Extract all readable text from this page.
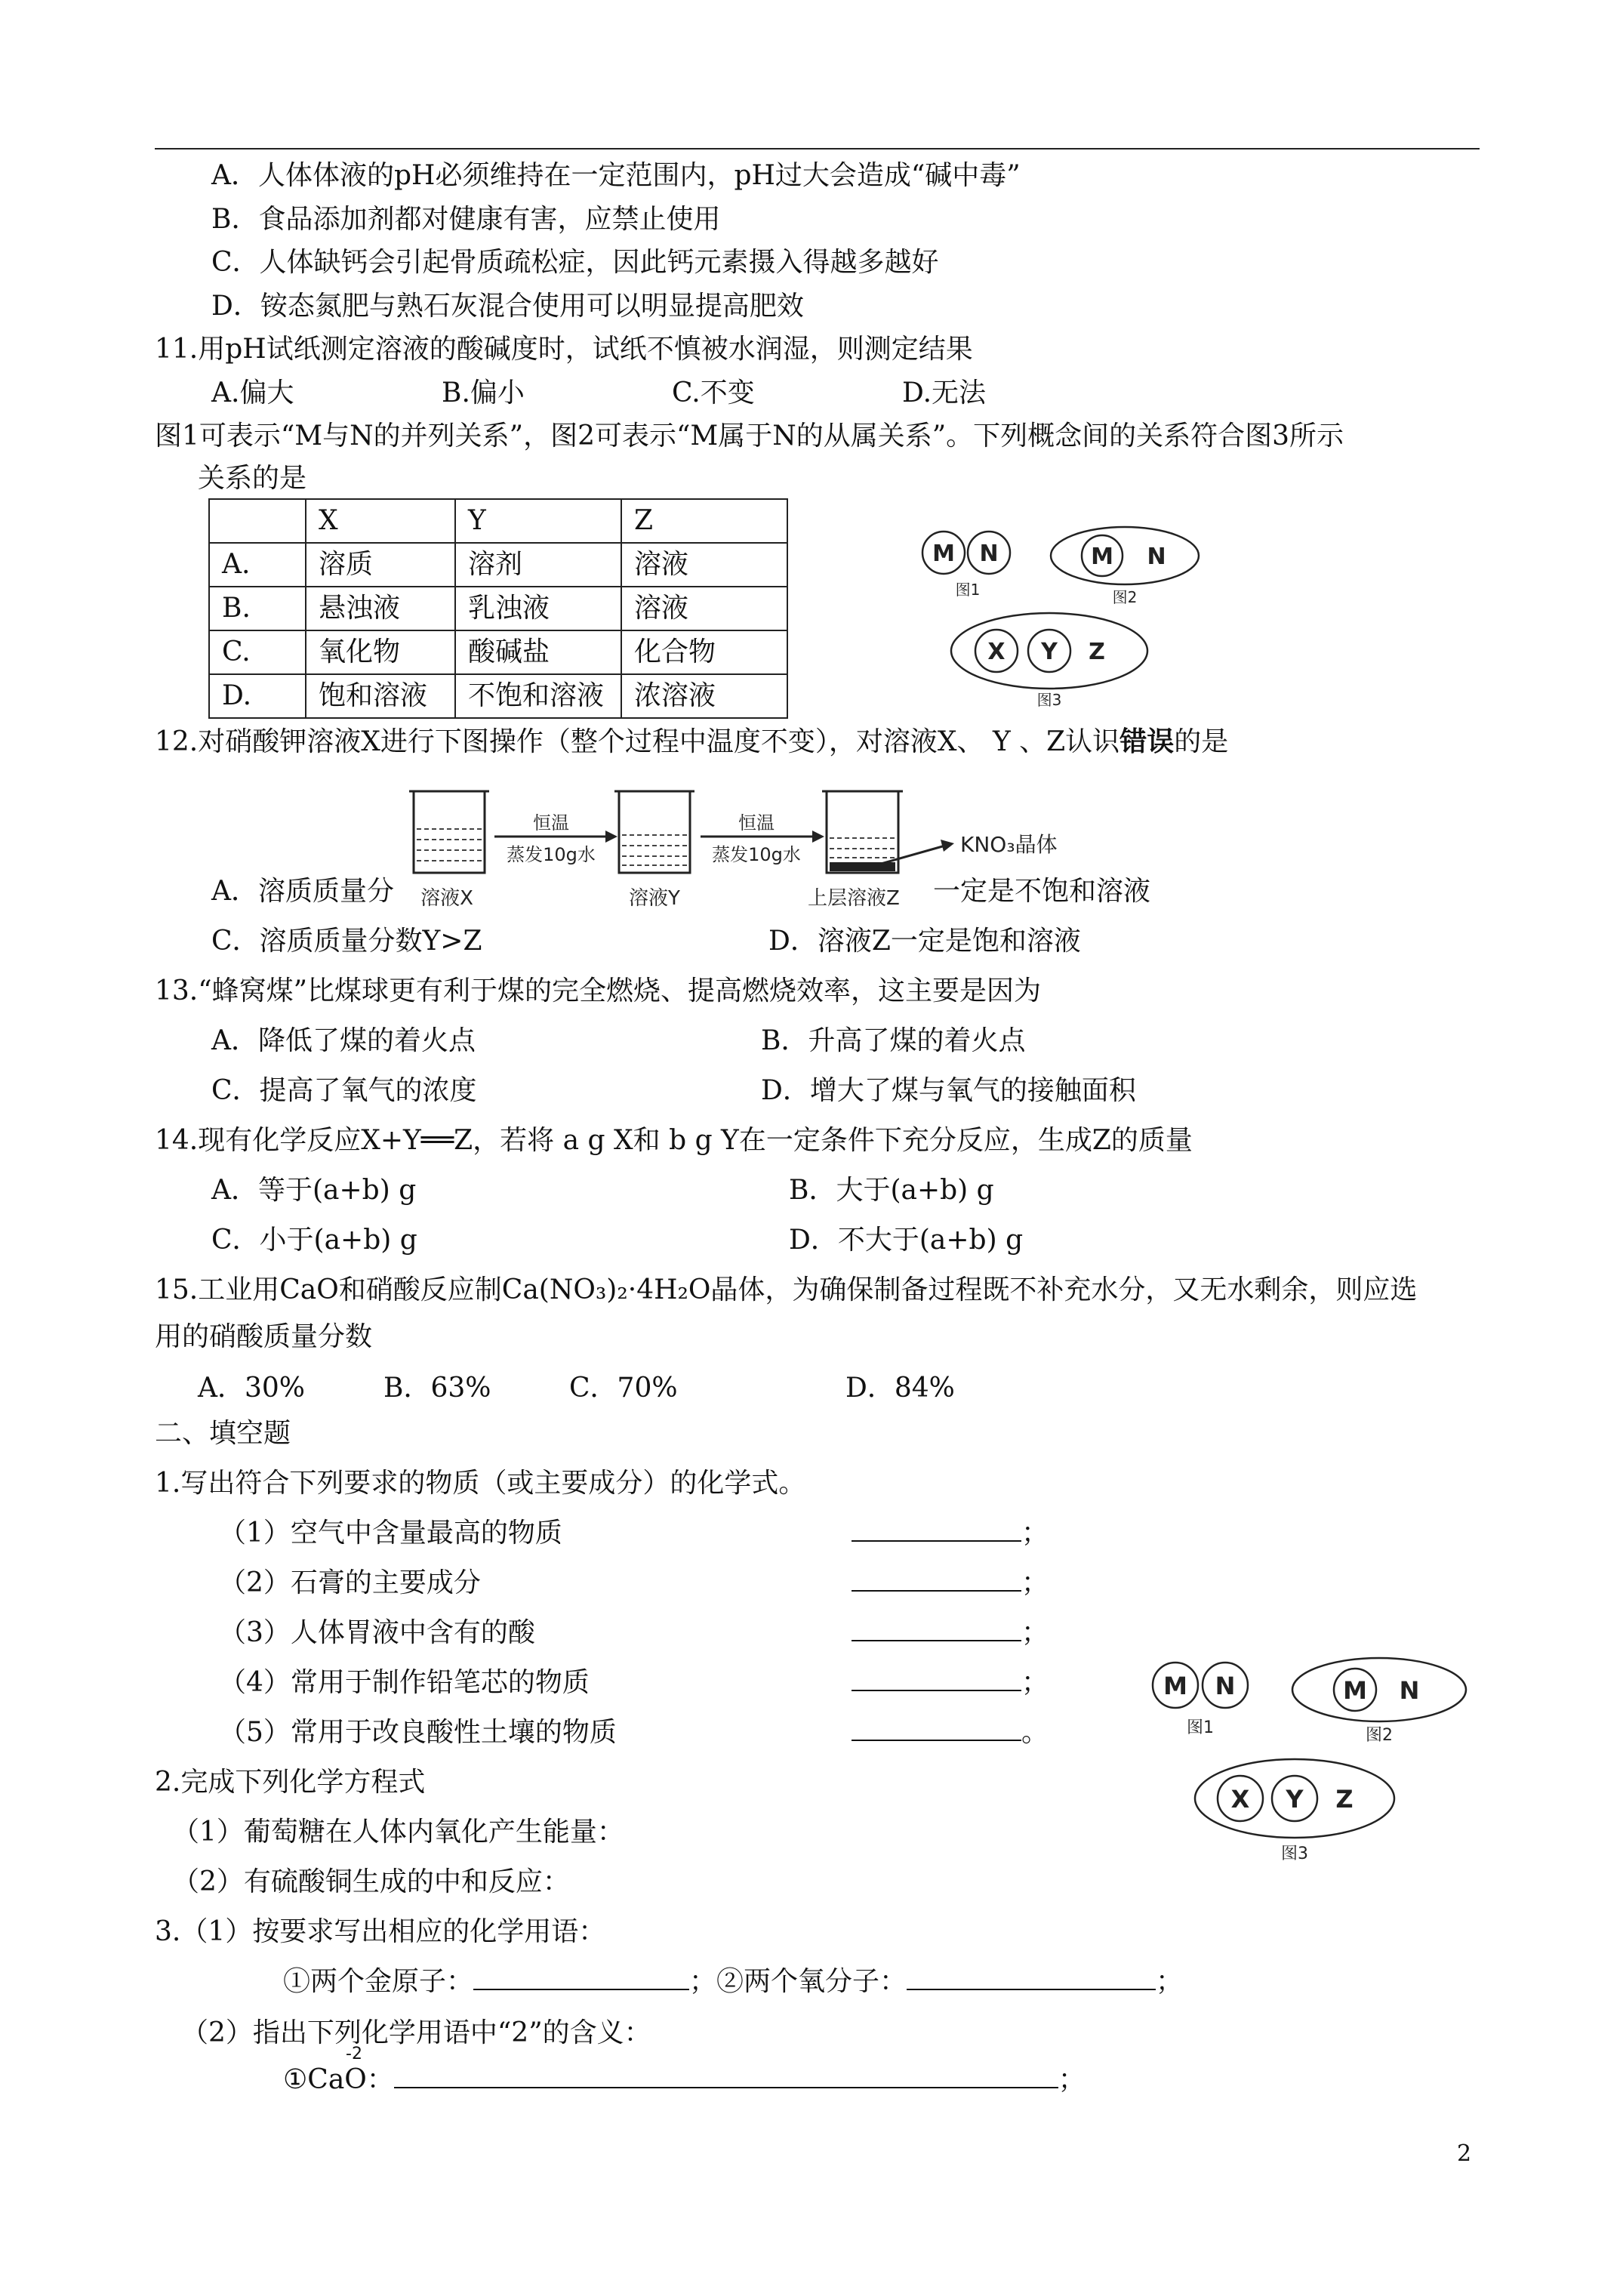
A．人体体液的pH必须维持在一定范围内，pH过大会造成“碱中毒”
B．食品添加剂都对健康有害，应禁止使用
C．人体缺钙会引起骨质疏松症，因此钙元素摄入得越多越好
D．铵态氮肥与熟石灰混合使用可以明显提高肥效
11.用pH试纸测定溶液的酸碱度时，试纸不慎被水润湿，则测定结果
A.偏大	B.偏小	C.不变	D.无法
图1可表示“M与N的并列关系”，图2可表示“M属于N的从属关系”。下列概念间的关系符合图3所示
关系的是
	X	Y	Z
A.	溶质	溶剂	溶液
B.	悬浊液	乳浊液	溶液
C.	氧化物	酸碱盐	化合物
D.	饱和溶液	不饱和溶液	浓溶液
M N	M N
X Y Z
图1	图2
图3
12.对硝酸钾溶液X进行下图操作（整个过程中温度不变），对溶液X、 Y 、Z认识错误的是
恒温
蒸发10g水
恒温
蒸发10g水	KNO₃晶体
溶液X	溶液Y	上层溶液Z
A．溶质质量分	一定是不饱和溶液
C．溶质质量分数Y>Z	D．溶液Z一定是饱和溶液
13.“蜂窝煤”比煤球更有利于煤的完全燃烧、提高燃烧效率，这主要是因为
A．降低了煤的着火点	B．升高了煤的着火点
C．提高了氧气的浓度	D．增大了煤与氧气的接触面积
14.现有化学反应X+Y══Z，若将 a g X和 b g Y在一定条件下充分反应，生成Z的质量
A．等于(a+b) g	B．大于(a+b) g
C．小于(a+b) g	D．不大于(a+b) g
15.工业用CaO和硝酸反应制Ca(NO₃)₂·4H₂O晶体，为确保制备过程既不补充水分，又无水剩余，则应选
用的硝酸质量分数
A．30%	B．63%	C．70%	D．84%
二、填空题
1.写出符合下列要求的物质（或主要成分）的化学式。
（1）空气中含量最高的物质	；
（2）石膏的主要成分	；
（3）人体胃液中含有的酸	；
（4）常用于制作铅笔芯的物质	；
（5）常用于改良酸性土壤的物质	。
M N	M N
X Y Z
图1	图2
图3
2.完成下列化学方程式
（1）葡萄糖在人体内氧化产生能量：
（2）有硫酸铜生成的中和反应：
3.（1）按要求写出相应的化学用语：
①两个金原子：	；②两个氧分子：	；
（2）指出下列化学用语中“2”的含义：
-2
①CaO：	；
2
